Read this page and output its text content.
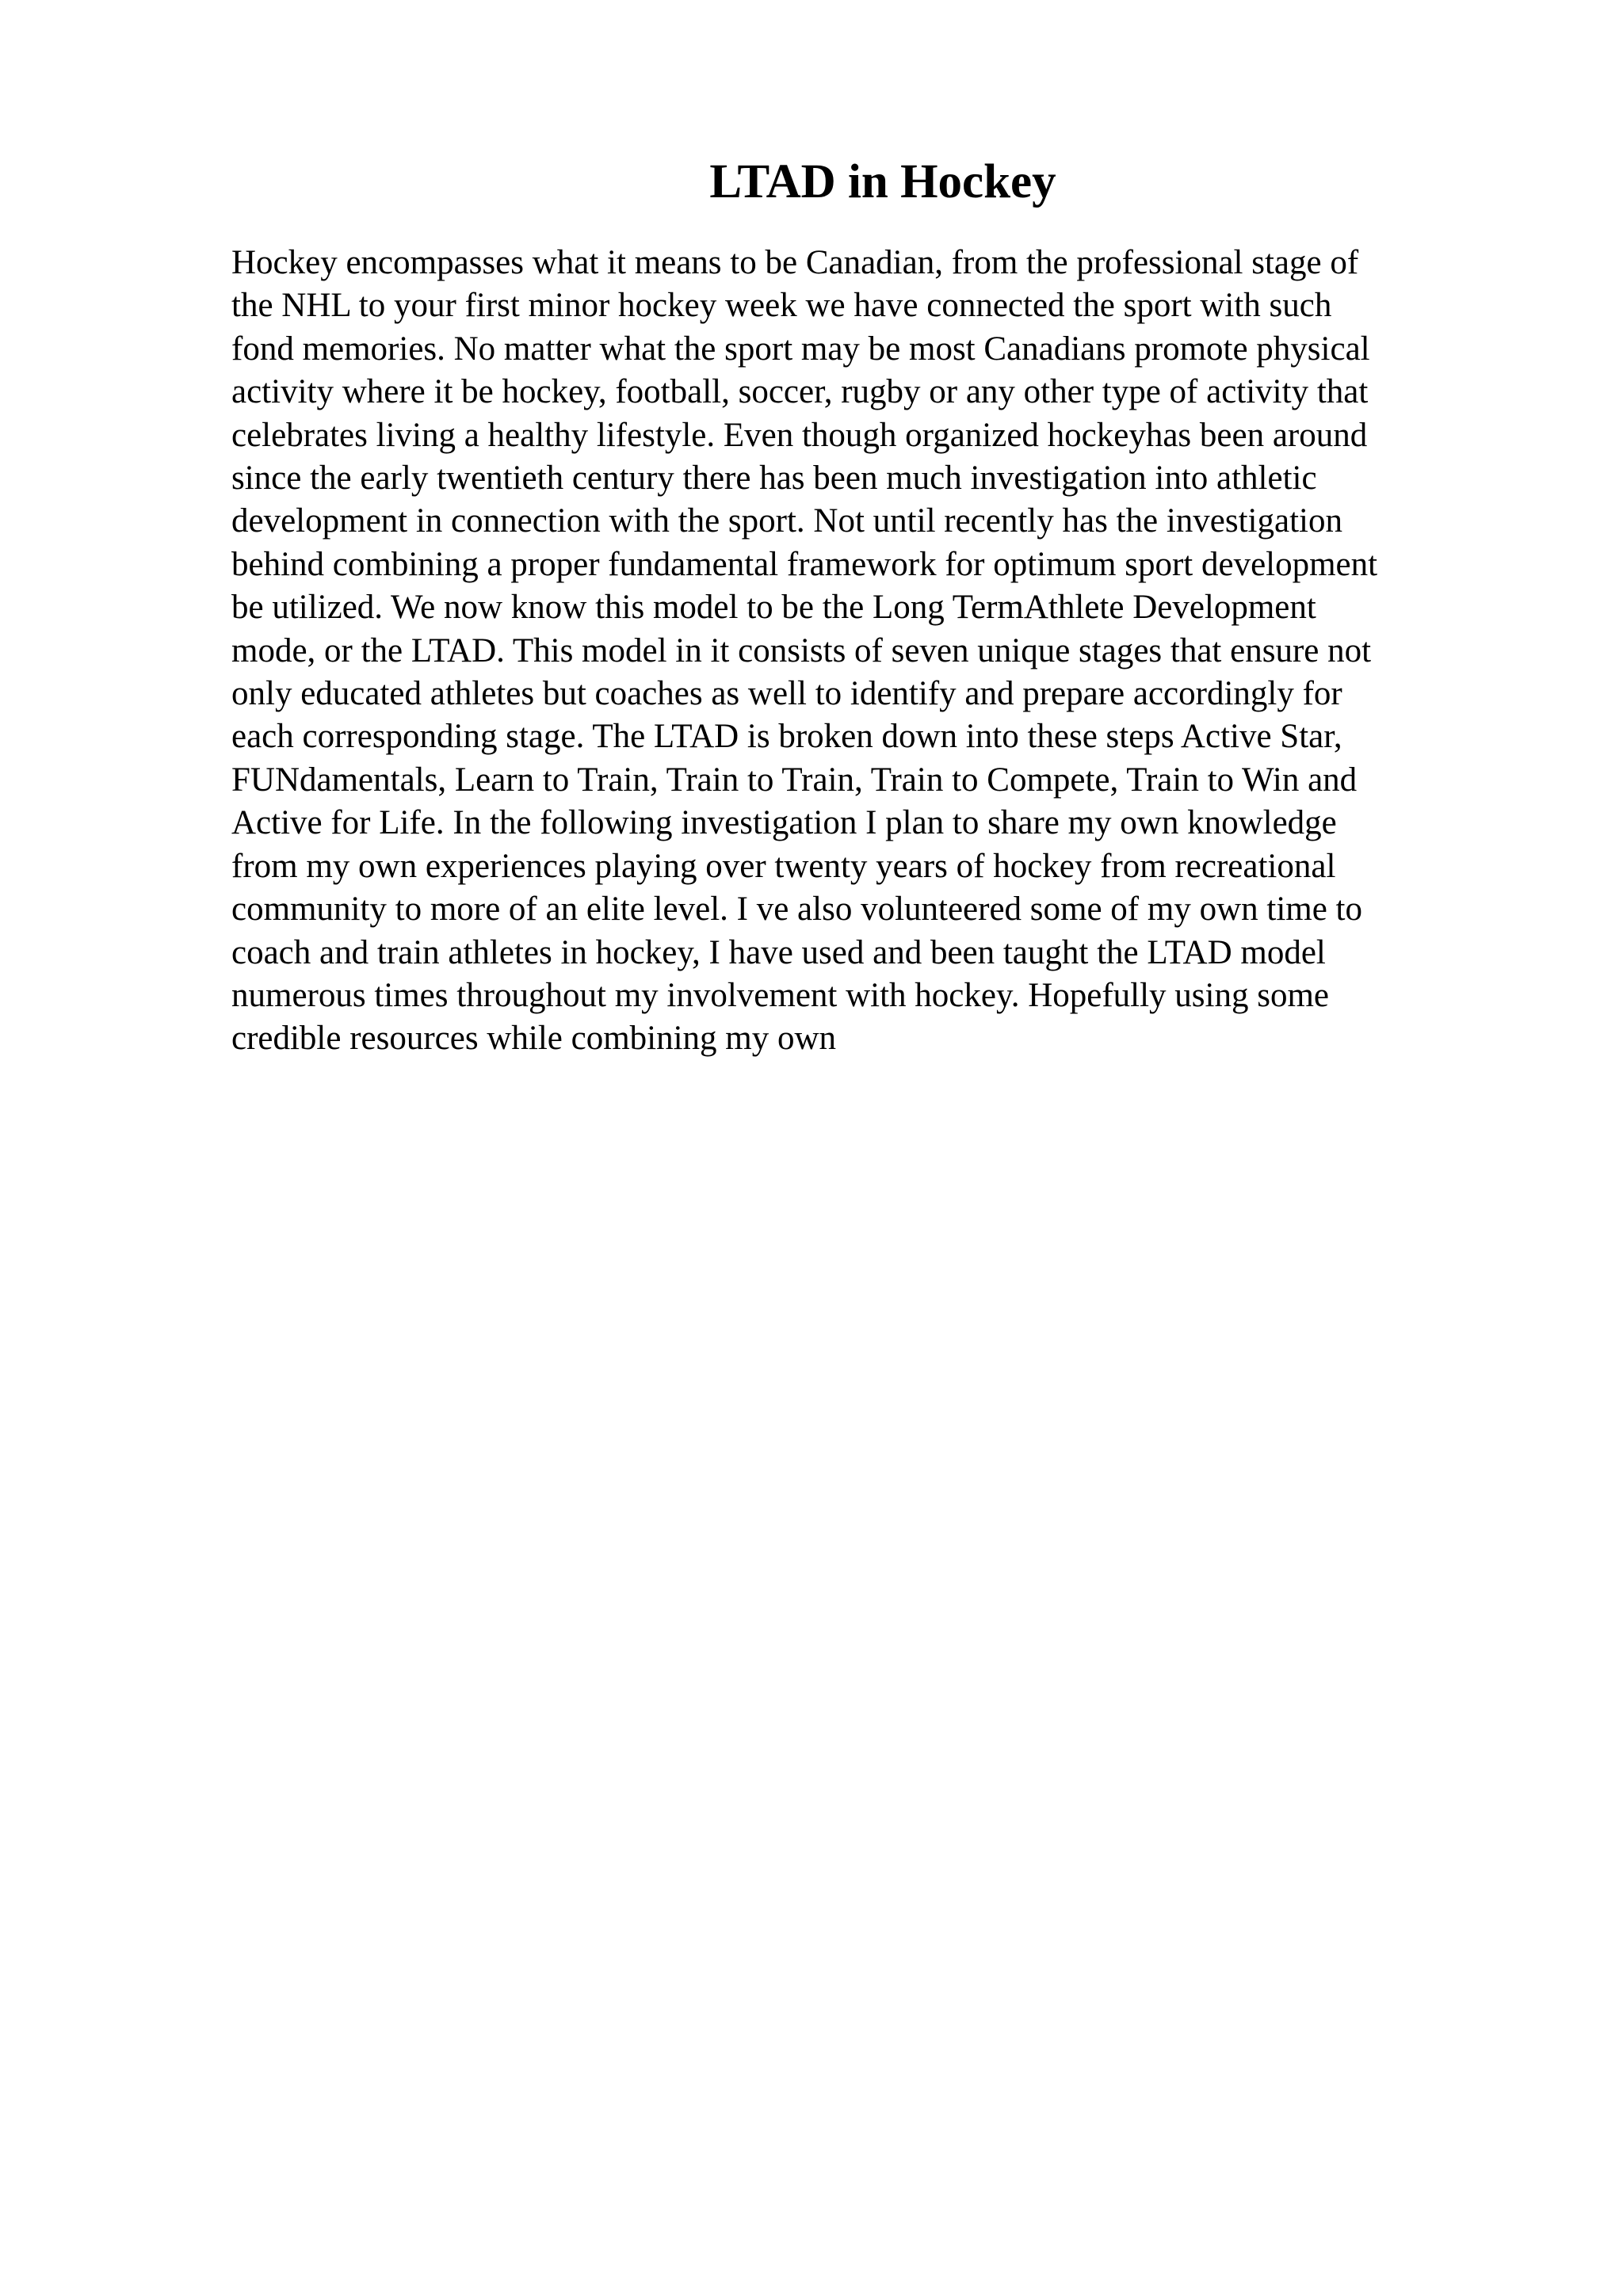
LTAD in Hockey
Hockey encompasses what it means to be Canadian, from the professional stage of
the NHL to your first minor hockey week we have connected the sport with such
fond memories. No matter what the sport may be most Canadians promote physical
activity where it be hockey, football, soccer, rugby or any other type of activity that
celebrates living a healthy lifestyle. Even though organized hockeyhas been around
since the early twentieth century there has been much investigation into athletic
development in connection with the sport. Not until recently has the investigation
behind combining a proper fundamental framework for optimum sport development
be utilized. We now know this model to be the Long TermAthlete Development
mode, or the LTAD. This model in it consists of seven unique stages that ensure not
only educated athletes but coaches as well to identify and prepare accordingly for
each corresponding stage. The LTAD is broken down into these steps Active Star,
FUNdamentals, Learn to Train, Train to Train, Train to Compete, Train to Win and
Active for Life. In the following investigation I plan to share my own knowledge
from my own experiences playing over twenty years of hockey from recreational
community to more of an elite level. I ve also volunteered some of my own time to
coach and train athletes in hockey, I have used and been taught the LTAD model
numerous times throughout my involvement with hockey. Hopefully using some
credible resources while combining my own
